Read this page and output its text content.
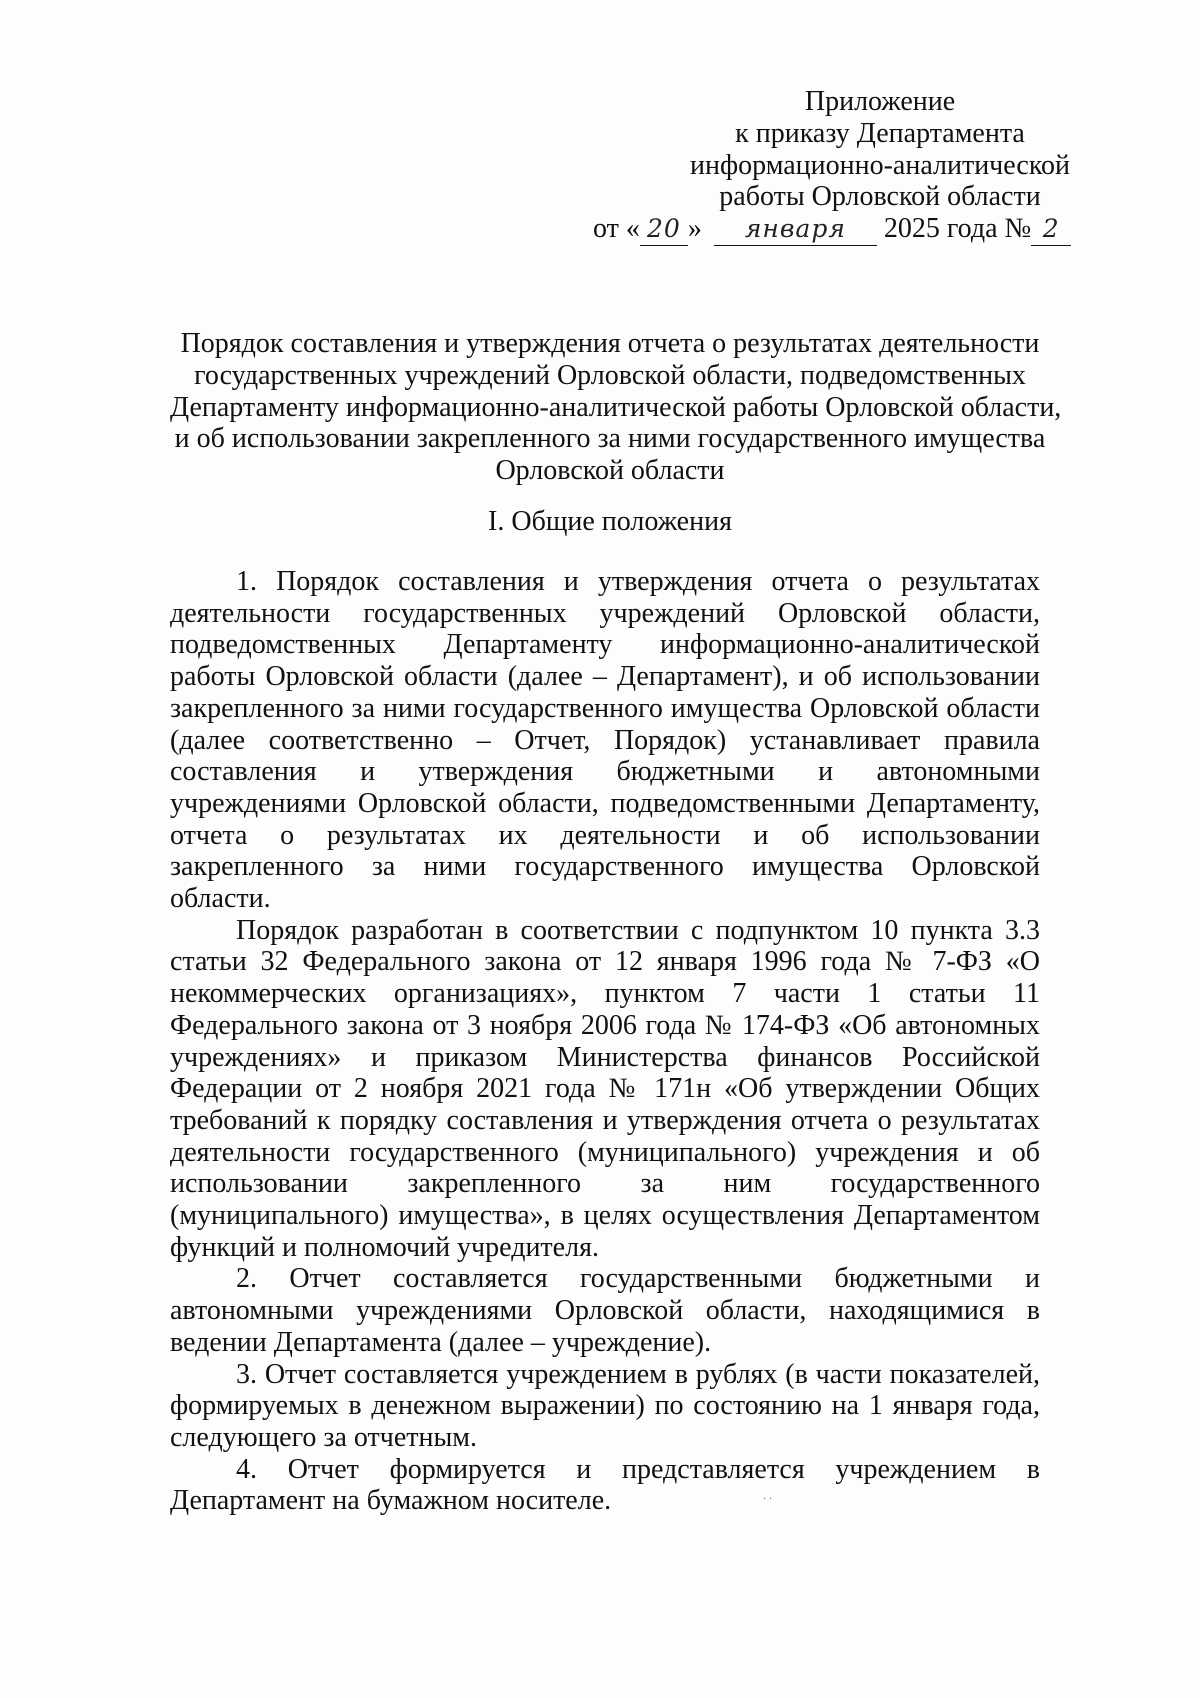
Приложение
к приказу Департамента
информационно-аналитической
работы Орловской области
от « 20 » января 2025 года № 2
Порядок составления и утверждения отчета о результатах деятельности
государственных учреждений Орловской области, подведомственных
Департаменту информационно-аналитической работы Орловской области,
и об использовании закрепленного за ними государственного имущества
Орловской области
I. Общие положения

1. Порядок составления и утверждения отчета о результатах деятельности государственных учреждений Орловской области, подведомственных Департаменту информационно-аналитической работы Орловской области (далее – Департамент), и об использовании закрепленного за ними государственного имущества Орловской области (далее соответственно – Отчет, Порядок) устанавливает правила составления и утверждения бюджетными и автономными учреждениями Орловской области, подведомственными Департаменту, отчета о результатах их деятельности и об использовании закрепленного за ними государственного имущества Орловской области.

Порядок разработан в соответствии с подпунктом 10 пункта 3.3 статьи 32 Федерального закона от 12 января 1996 года № 7-ФЗ «О некоммерческих организациях», пунктом 7 части 1 статьи 11 Федерального закона от 3 ноября 2006 года № 174-ФЗ «Об автономных учреждениях» и приказом Министерства финансов Российской Федерации от 2 ноября 2021 года № 171н «Об утверждении Общих требований к порядку составления и утверждения отчета о результатах деятельности государственного (муниципального) учреждения и об использовании закрепленного за ним государственного (муниципального) имущества», в целях осуществления Департаментом функций и полномочий учредителя.

2. Отчет составляется государственными бюджетными и автономными учреждениями Орловской области, находящимися в ведении Департамента (далее – учреждение).

3. Отчет составляется учреждением в рублях (в части показателей, формируемых в денежном выражении) по состоянию на 1 января года, следующего за отчетным.

4. Отчет формируется и представляется учреждением в Департамент на бумажном носителе.	· ·
